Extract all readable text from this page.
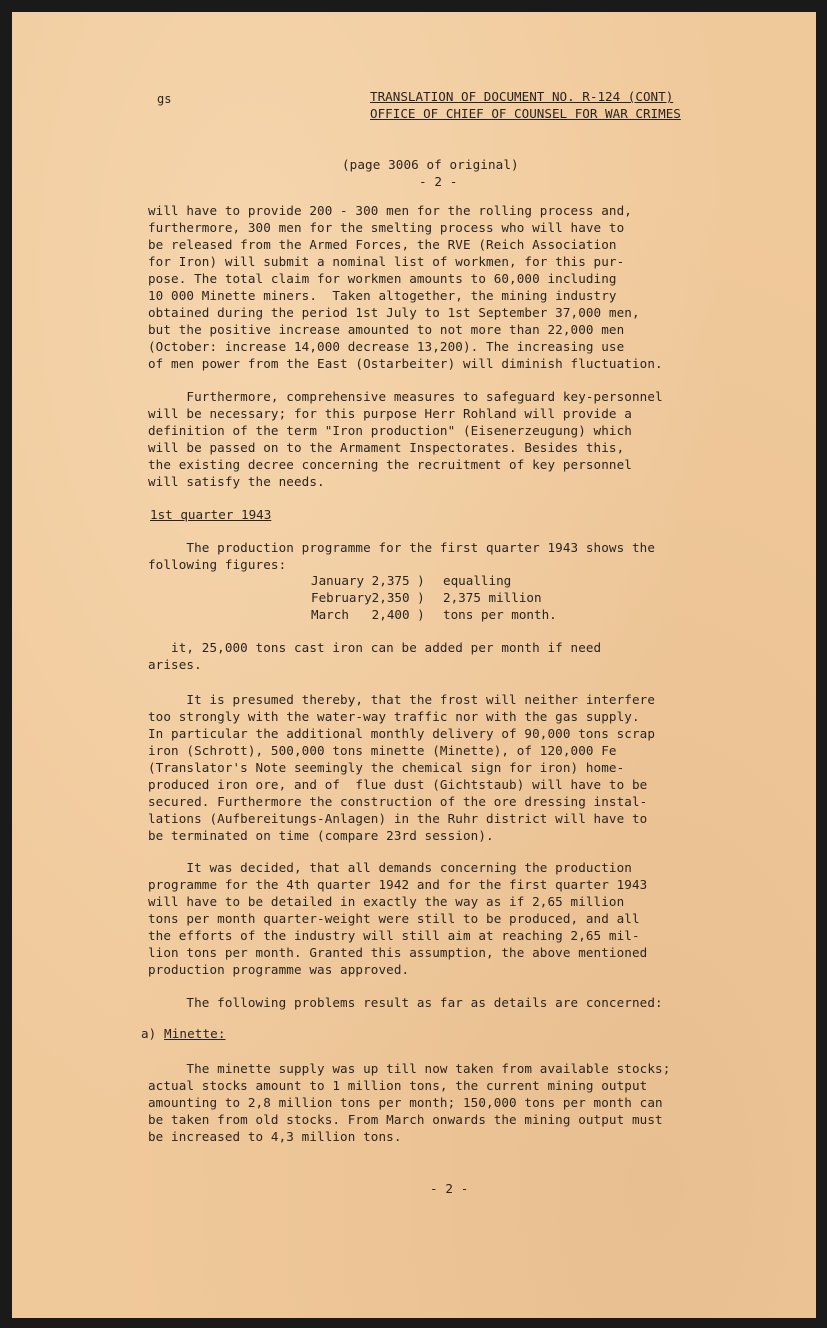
gs	TRANSLATION OF DOCUMENT NO. R-124 (CONT)
OFFICE OF CHIEF OF COUNSEL FOR WAR CRIMES
(page 3006 of original)
- 2 -
will have to provide 200 - 300 men for the rolling process and,
furthermore, 300 men for the smelting process who will have to
be released from the Armed Forces, the RVE (Reich Association
for Iron) will submit a nominal list of workmen, for this pur-
pose. The total claim for workmen amounts to 60,000 including
10 000 Minette miners.  Taken altogether, the mining industry
obtained during the period 1st July to 1st September 37,000 men,
but the positive increase amounted to not more than 22,000 men
(October: increase 14,000 decrease 13,200). The increasing use
of men power from the East (Ostarbeiter) will diminish fluctuation.
Furthermore, comprehensive measures to safeguard key-personnel
will be necessary; for this purpose Herr Rohland will provide a
definition of the term "Iron production" (Eisenerzeugung) which
will be passed on to the Armament Inspectorates. Besides this,
the existing decree concerning the recruitment of key personnel
will satisfy the needs.
1st quarter 1943
The production programme for the first quarter 1943 shows the
following figures:
January 2,375 ) equalling
February2,350 ) 2,375 million
March   2,400 ) tons per month.
it, 25,000 tons cast iron can be added per month if need
arises.
It is presumed thereby, that the frost will neither interfere
too strongly with the water-way traffic nor with the gas supply.
In particular the additional monthly delivery of 90,000 tons scrap
iron (Schrott), 500,000 tons minette (Minette), of 120,000 Fe
(Translator's Note seemingly the chemical sign for iron) home-
produced iron ore, and of  flue dust (Gichtstaub) will have to be
secured. Furthermore the construction of the ore dressing instal-
lations (Aufbereitungs-Anlagen) in the Ruhr district will have to
be terminated on time (compare 23rd session).
It was decided, that all demands concerning the production
programme for the 4th quarter 1942 and for the first quarter 1943
will have to be detailed in exactly the way as if 2,65 million
tons per month quarter-weight were still to be produced, and all
the efforts of the industry will still aim at reaching 2,65 mil-
lion tons per month. Granted this assumption, the above mentioned
production programme was approved.
The following problems result as far as details are concerned:
a) Minette:
The minette supply was up till now taken from available stocks;
actual stocks amount to 1 million tons, the current mining output
amounting to 2,8 million tons per month; 150,000 tons per month can
be taken from old stocks. From March onwards the mining output must
be increased to 4,3 million tons.
- 2 -
